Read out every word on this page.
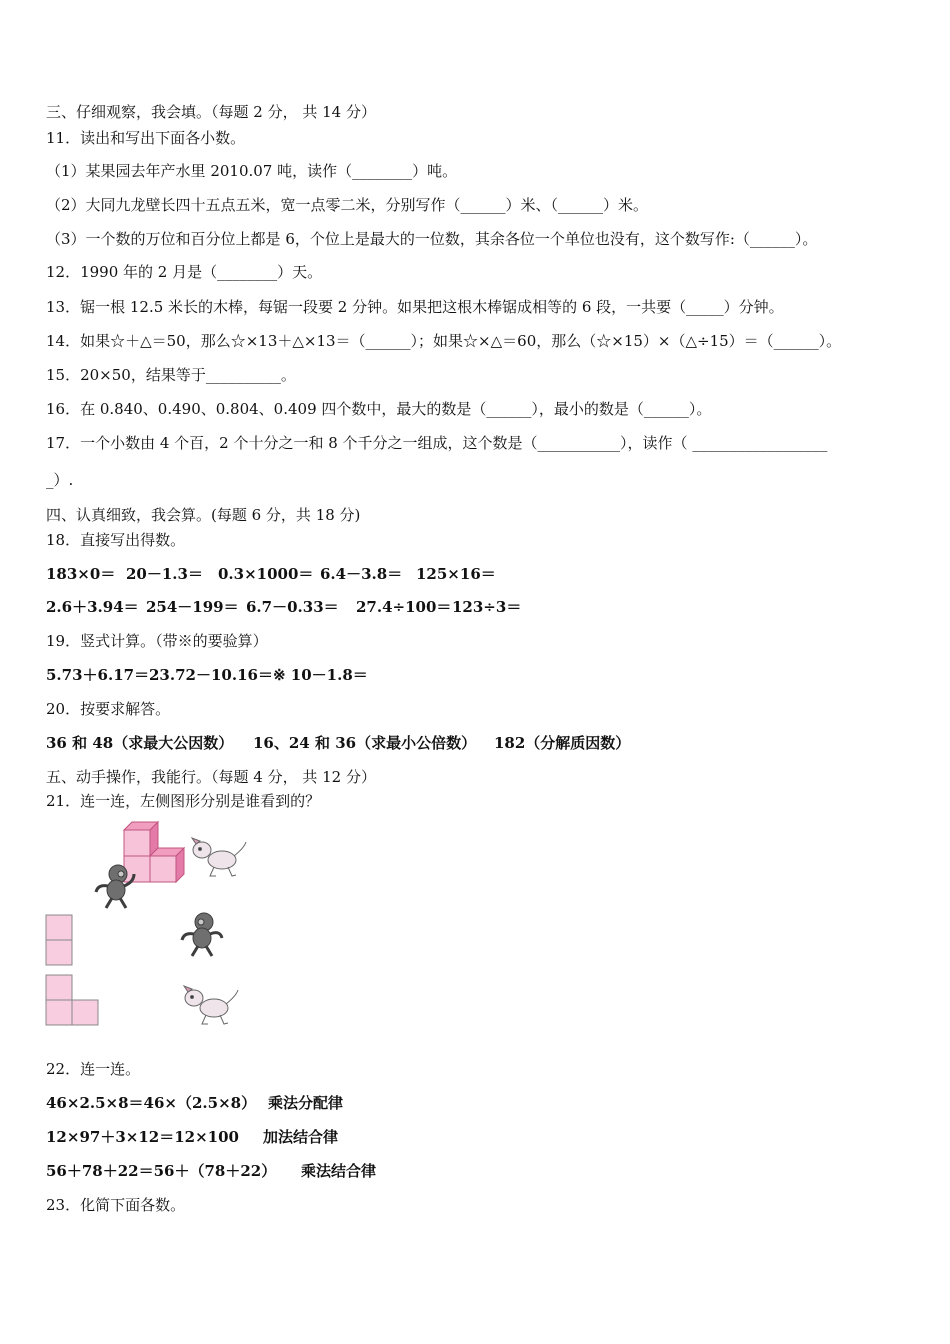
三、仔细观察，我会填。（每题 2 分， 共 14 分）
11．读出和写出下面各小数。
（1）某果园去年产水里 2010.07 吨，读作（________）吨。
（2）大同九龙壁长四十五点五米，宽一点零二米，分别写作（______）米、（______）米。
（3）一个数的万位和百分位上都是 6，个位上是最大的一位数，其余各位一个单位也没有，这个数写作:（______）。
12．1990 年的 2 月是（________）天。
13．锯一根 12.5 米长的木棒，每锯一段要 2 分钟。如果把这根木棒锯成相等的 6 段，一共要（_____）分钟。
14．如果☆＋△＝50，那么☆×13＋△×13＝（______）；如果☆×△＝60，那么（☆×15）×（△÷15）＝（______）。
15．20×50，结果等于__________。
16．在 0.840、0.490、0.804、0.409 四个数中，最大的数是（______），最小的数是（______）。
17．一个小数由 4 个百，2 个十分之一和 8 个千分之一组成，这个数是（___________），读作（ __________________
_）.
四、认真细致，我会算。(每题 6 分，共 18 分)
18．直接写出得数。
183×0＝ 20－1.3＝ 0.3×1000＝ 6.4－3.8＝ 125×16＝
2.6＋3.94＝ 254－199＝ 6.7－0.33＝ 27.4÷100＝ 123÷3＝
19．竖式计算。（带※的要验算）
5.73＋6.17＝ 23.72－10.16＝ ※ 10－1.8＝
20．按要求解答。
36 和 48（求最大公因数） 16、24 和 36（求最小公倍数） 182（分解质因数）
五、动手操作，我能行。（每题 4 分， 共 12 分）
21．连一连，左侧图形分别是谁看到的？
22．连一连。
46×2.5×8＝46×（2.5×8） 乘法分配律
12×97＋3×12＝12×100 加法结合律
56＋78＋22＝56＋（78＋22） 乘法结合律
23．化简下面各数。
